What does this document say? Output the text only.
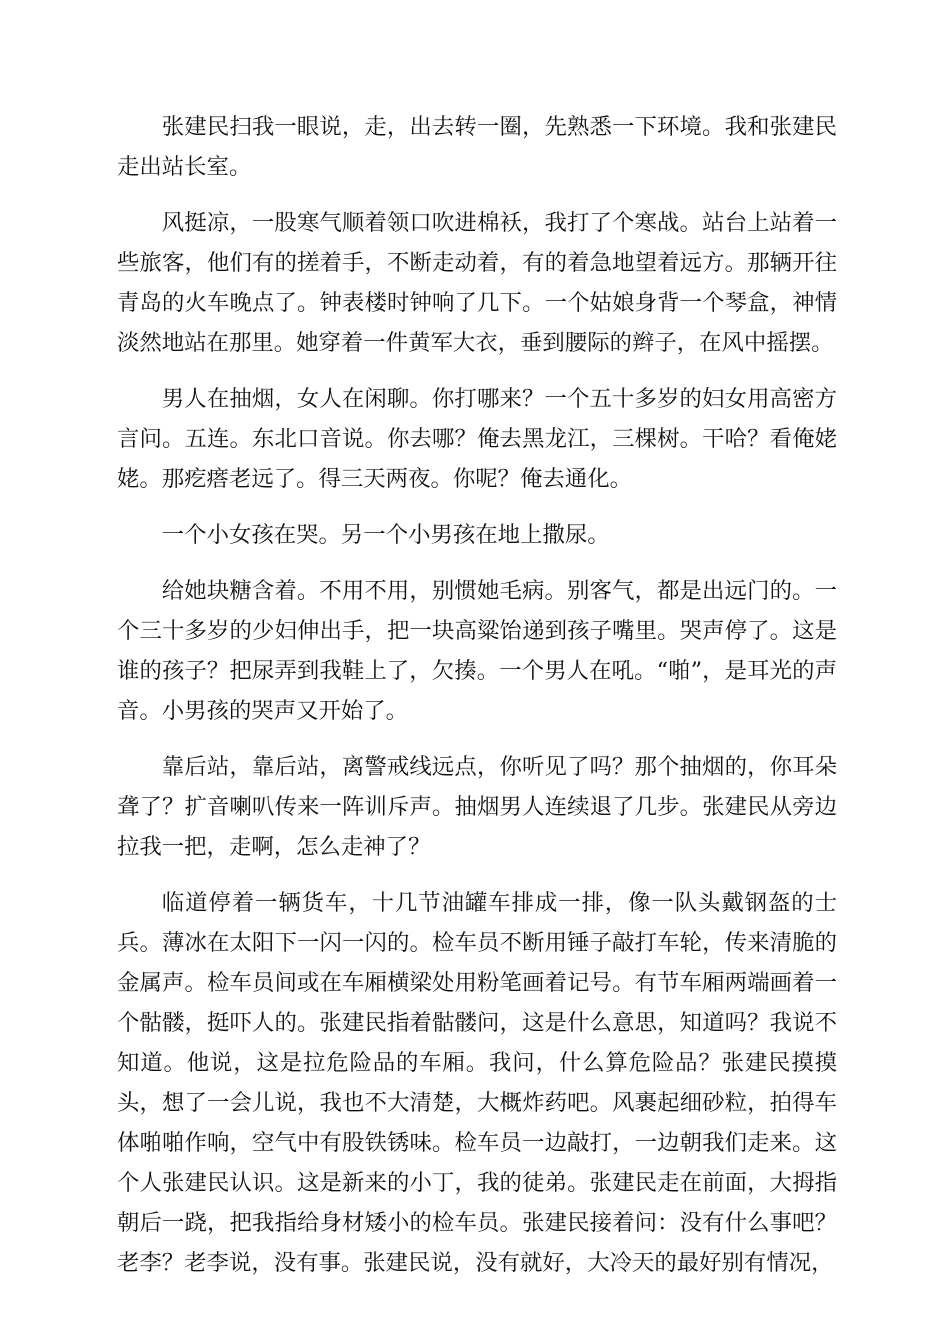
张建民扫我一眼说，走，出去转一圈，先熟悉一下环境。我和张建民走出站长室。

风挺凉，一股寒气顺着领口吹进棉袄，我打了个寒战。站台上站着一些旅客，他们有的搓着手，不断走动着，有的着急地望着远方。那辆开往青岛的火车晚点了。钟表楼时钟响了几下。一个姑娘身背一个琴盒，神情淡然地站在那里。她穿着一件黄军大衣，垂到腰际的辫子，在风中摇摆。

男人在抽烟，女人在闲聊。你打哪来？一个五十多岁的妇女用高密方言问。五连。东北口音说。你去哪？俺去黑龙江，三棵树。干哈？看俺姥姥。那疙瘩老远了。得三天两夜。你呢？俺去通化。

一个小女孩在哭。另一个小男孩在地上撒尿。

给她块糖含着。不用不用，别惯她毛病。别客气，都是出远门的。一个三十多岁的少妇伸出手，把一块高粱饴递到孩子嘴里。哭声停了。这是谁的孩子？把尿弄到我鞋上了，欠揍。一个男人在吼。“啪”，是耳光的声音。小男孩的哭声又开始了。

靠后站，靠后站，离警戒线远点，你听见了吗？那个抽烟的，你耳朵聋了？扩音喇叭传来一阵训斥声。抽烟男人连续退了几步。张建民从旁边拉我一把，走啊，怎么走神了？

临道停着一辆货车，十几节油罐车排成一排，像一队头戴钢盔的士兵。薄冰在太阳下一闪一闪的。检车员不断用锤子敲打车轮，传来清脆的金属声。检车员间或在车厢横梁处用粉笔画着记号。有节车厢两端画着一个骷髅，挺吓人的。张建民指着骷髅问，这是什么意思，知道吗？我说不知道。他说，这是拉危险品的车厢。我问，什么算危险品？张建民摸摸头，想了一会儿说，我也不大清楚，大概炸药吧。风裹起细砂粒，拍得车体啪啪作响，空气中有股铁锈味。检车员一边敲打，一边朝我们走来。这个人张建民认识。这是新来的小丁，我的徒弟。张建民走在前面，大拇指朝后一跷，把我指给身材矮小的检车员。张建民接着问：没有什么事吧？老李？老李说，没有事。张建民说，没有就好，大冷天的最好别有情况，
